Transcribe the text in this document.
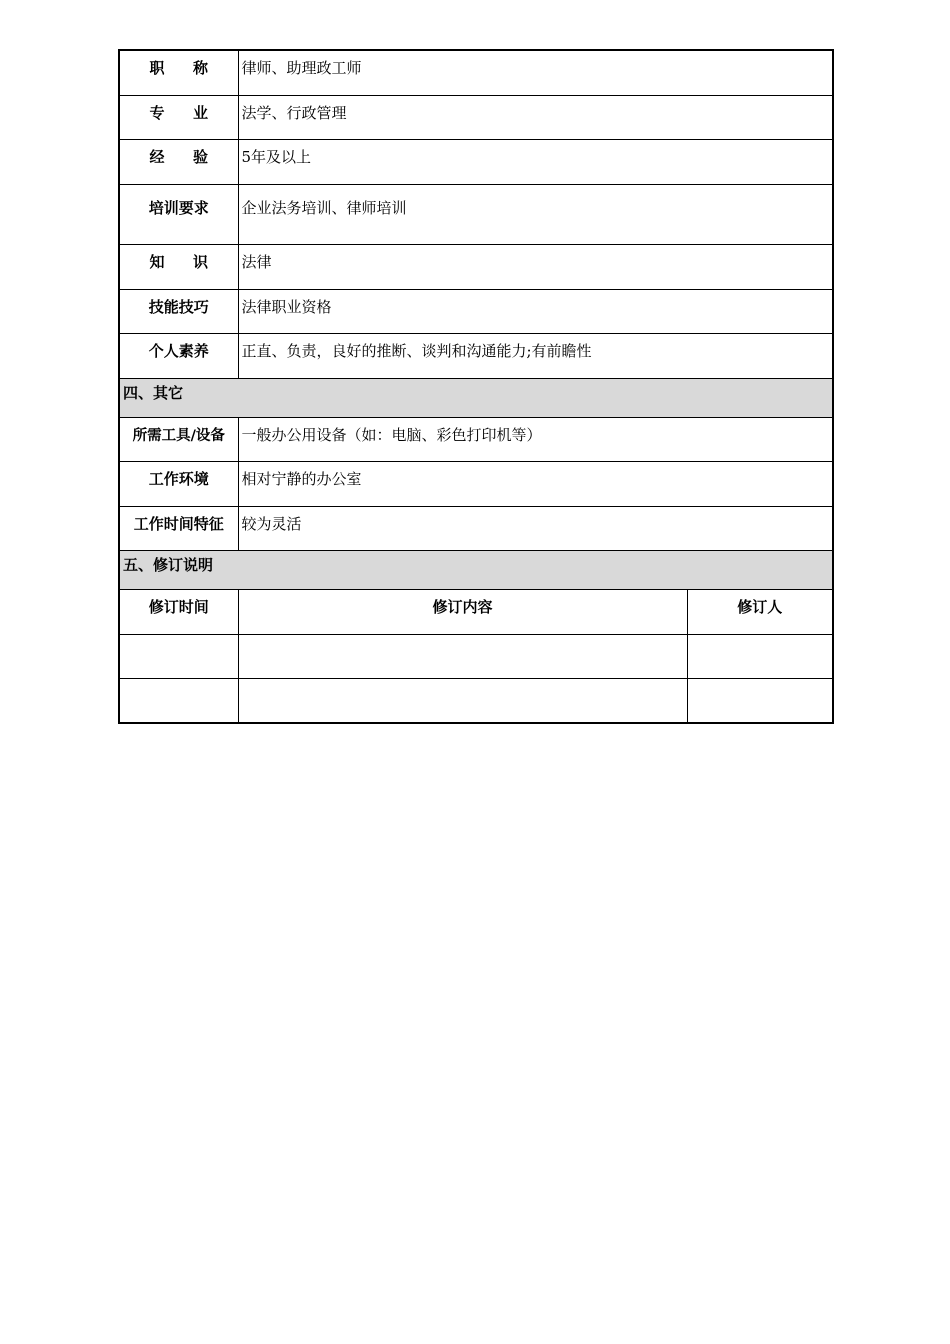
职称	律师、助理政工师	
专业	法学、行政管理	
经验	5年及以上	
培训要求	企业法务培训、律师培训	
知识	法律	
技能技巧	法律职业资格	
个人素养	正直、负责，良好的推断、谈判和沟通能力;有前瞻性	
四、其它		
所需工具/设备	一般办公用设备（如：电脑、彩色打印机等）	
工作环境	相对宁静的办公室	
工作时间特征	较为灵活	
五、修订说明		
修订时间	修订内容	修订人
